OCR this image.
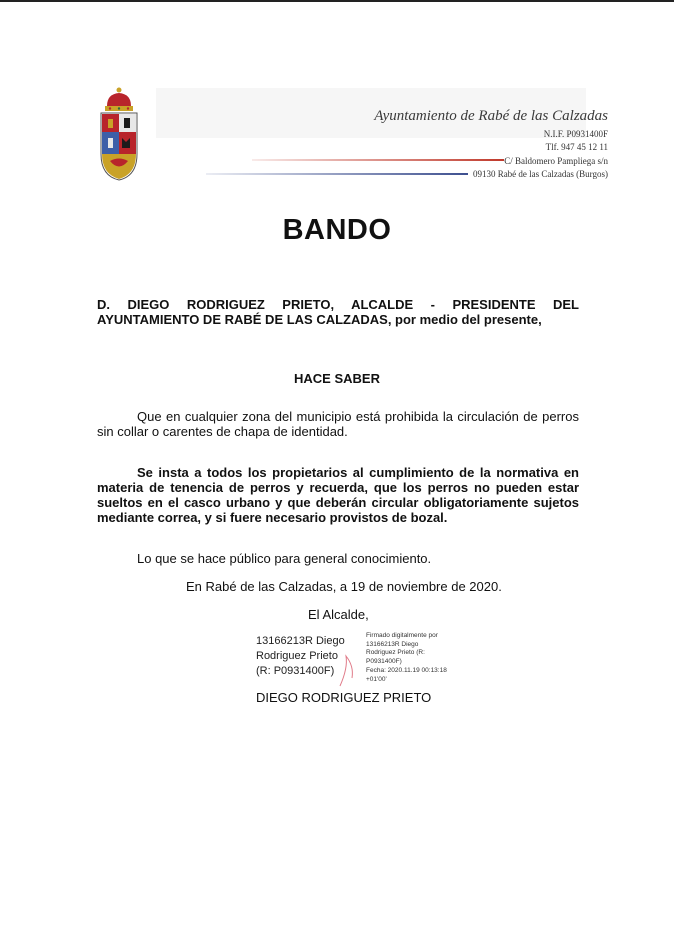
Ayuntamiento de Rabé de las Calzadas
N.I.F. P0931400F
Tlf. 947 45 12 11
C/ Baldomero Pampliega s/n
09130 Rabé de las Calzadas (Burgos)
BANDO
D. DIEGO RODRIGUEZ PRIETO, ALCALDE - PRESIDENTE DEL AYUNTAMIENTO DE RABÉ DE LAS CALZADAS, por medio del presente,
HACE SABER
Que en cualquier zona del municipio está prohibida la circulación de perros sin collar o carentes de chapa de identidad.
Se insta a todos los propietarios al cumplimiento de la normativa en materia de tenencia de perros y recuerda, que los perros no pueden estar sueltos en el casco urbano y que deberán circular obligatoriamente sujetos mediante correa, y si fuere necesario provistos de bozal.
Lo que se hace público para general conocimiento.
En Rabé de las Calzadas, a 19 de noviembre de 2020.
El Alcalde,
13166213R Diego
Rodriguez Prieto
(R: P0931400F)
Firmado digitalmente por
13166213R Diego
Rodriguez Prieto (R:
P0931400F)
Fecha: 2020.11.19 00:13:18
+01'00'
DIEGO RODRIGUEZ PRIETO
